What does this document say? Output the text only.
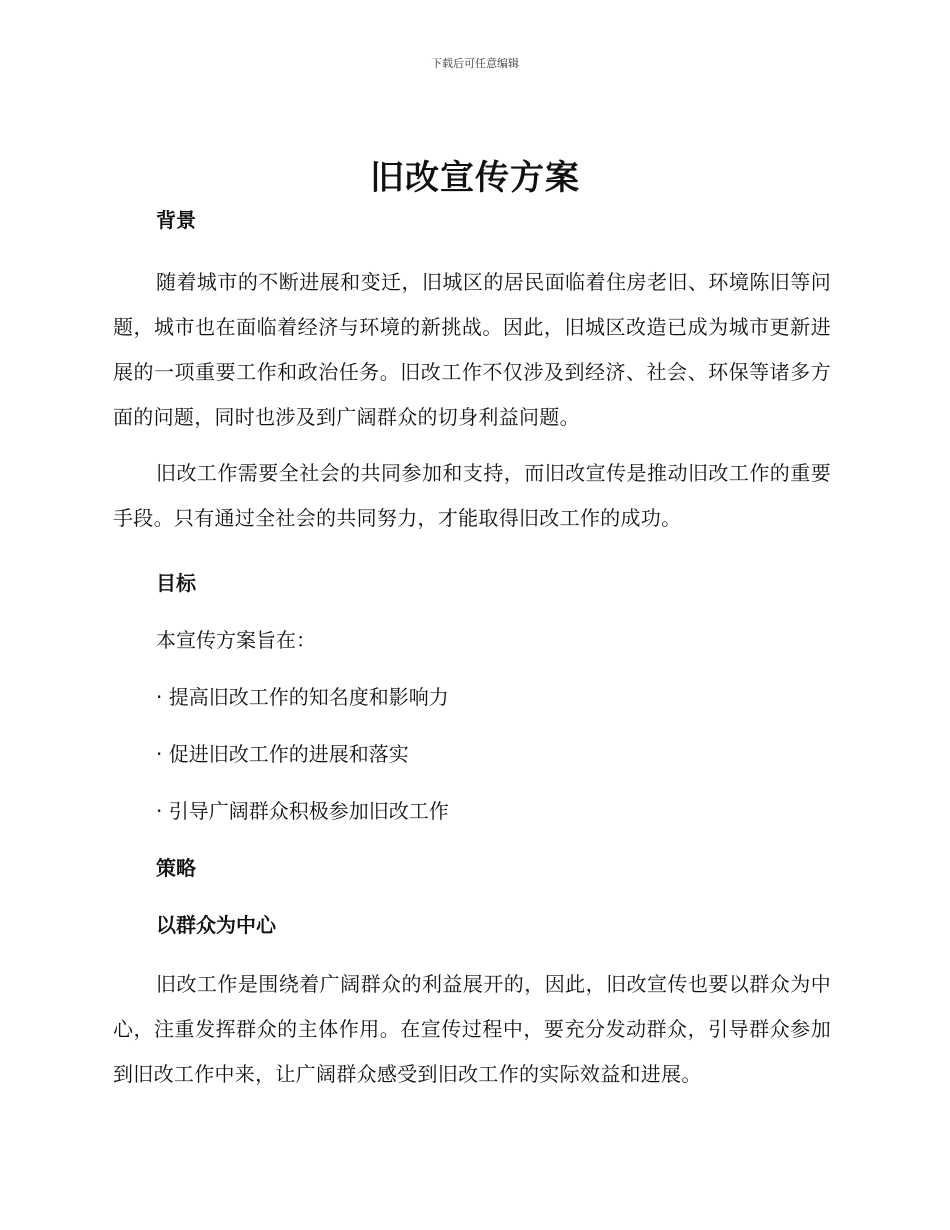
下载后可任意编辑
旧改宣传方案

背景

随着城市的不断进展和变迁，旧城区的居民面临着住房老旧、环境陈旧等问题，城市也在面临着经济与环境的新挑战。因此，旧城区改造已成为城市更新进展的一项重要工作和政治任务。旧改工作不仅涉及到经济、社会、环保等诸多方面的问题，同时也涉及到广阔群众的切身利益问题。

旧改工作需要全社会的共同参加和支持，而旧改宣传是推动旧改工作的重要手段。只有通过全社会的共同努力，才能取得旧改工作的成功。

目标

本宣传方案旨在：

· 提高旧改工作的知名度和影响力

· 促进旧改工作的进展和落实

· 引导广阔群众积极参加旧改工作

策略

以群众为中心

旧改工作是围绕着广阔群众的利益展开的，因此，旧改宣传也要以群众为中心，注重发挥群众的主体作用。在宣传过程中，要充分发动群众，引导群众参加到旧改工作中来，让广阔群众感受到旧改工作的实际效益和进展。
